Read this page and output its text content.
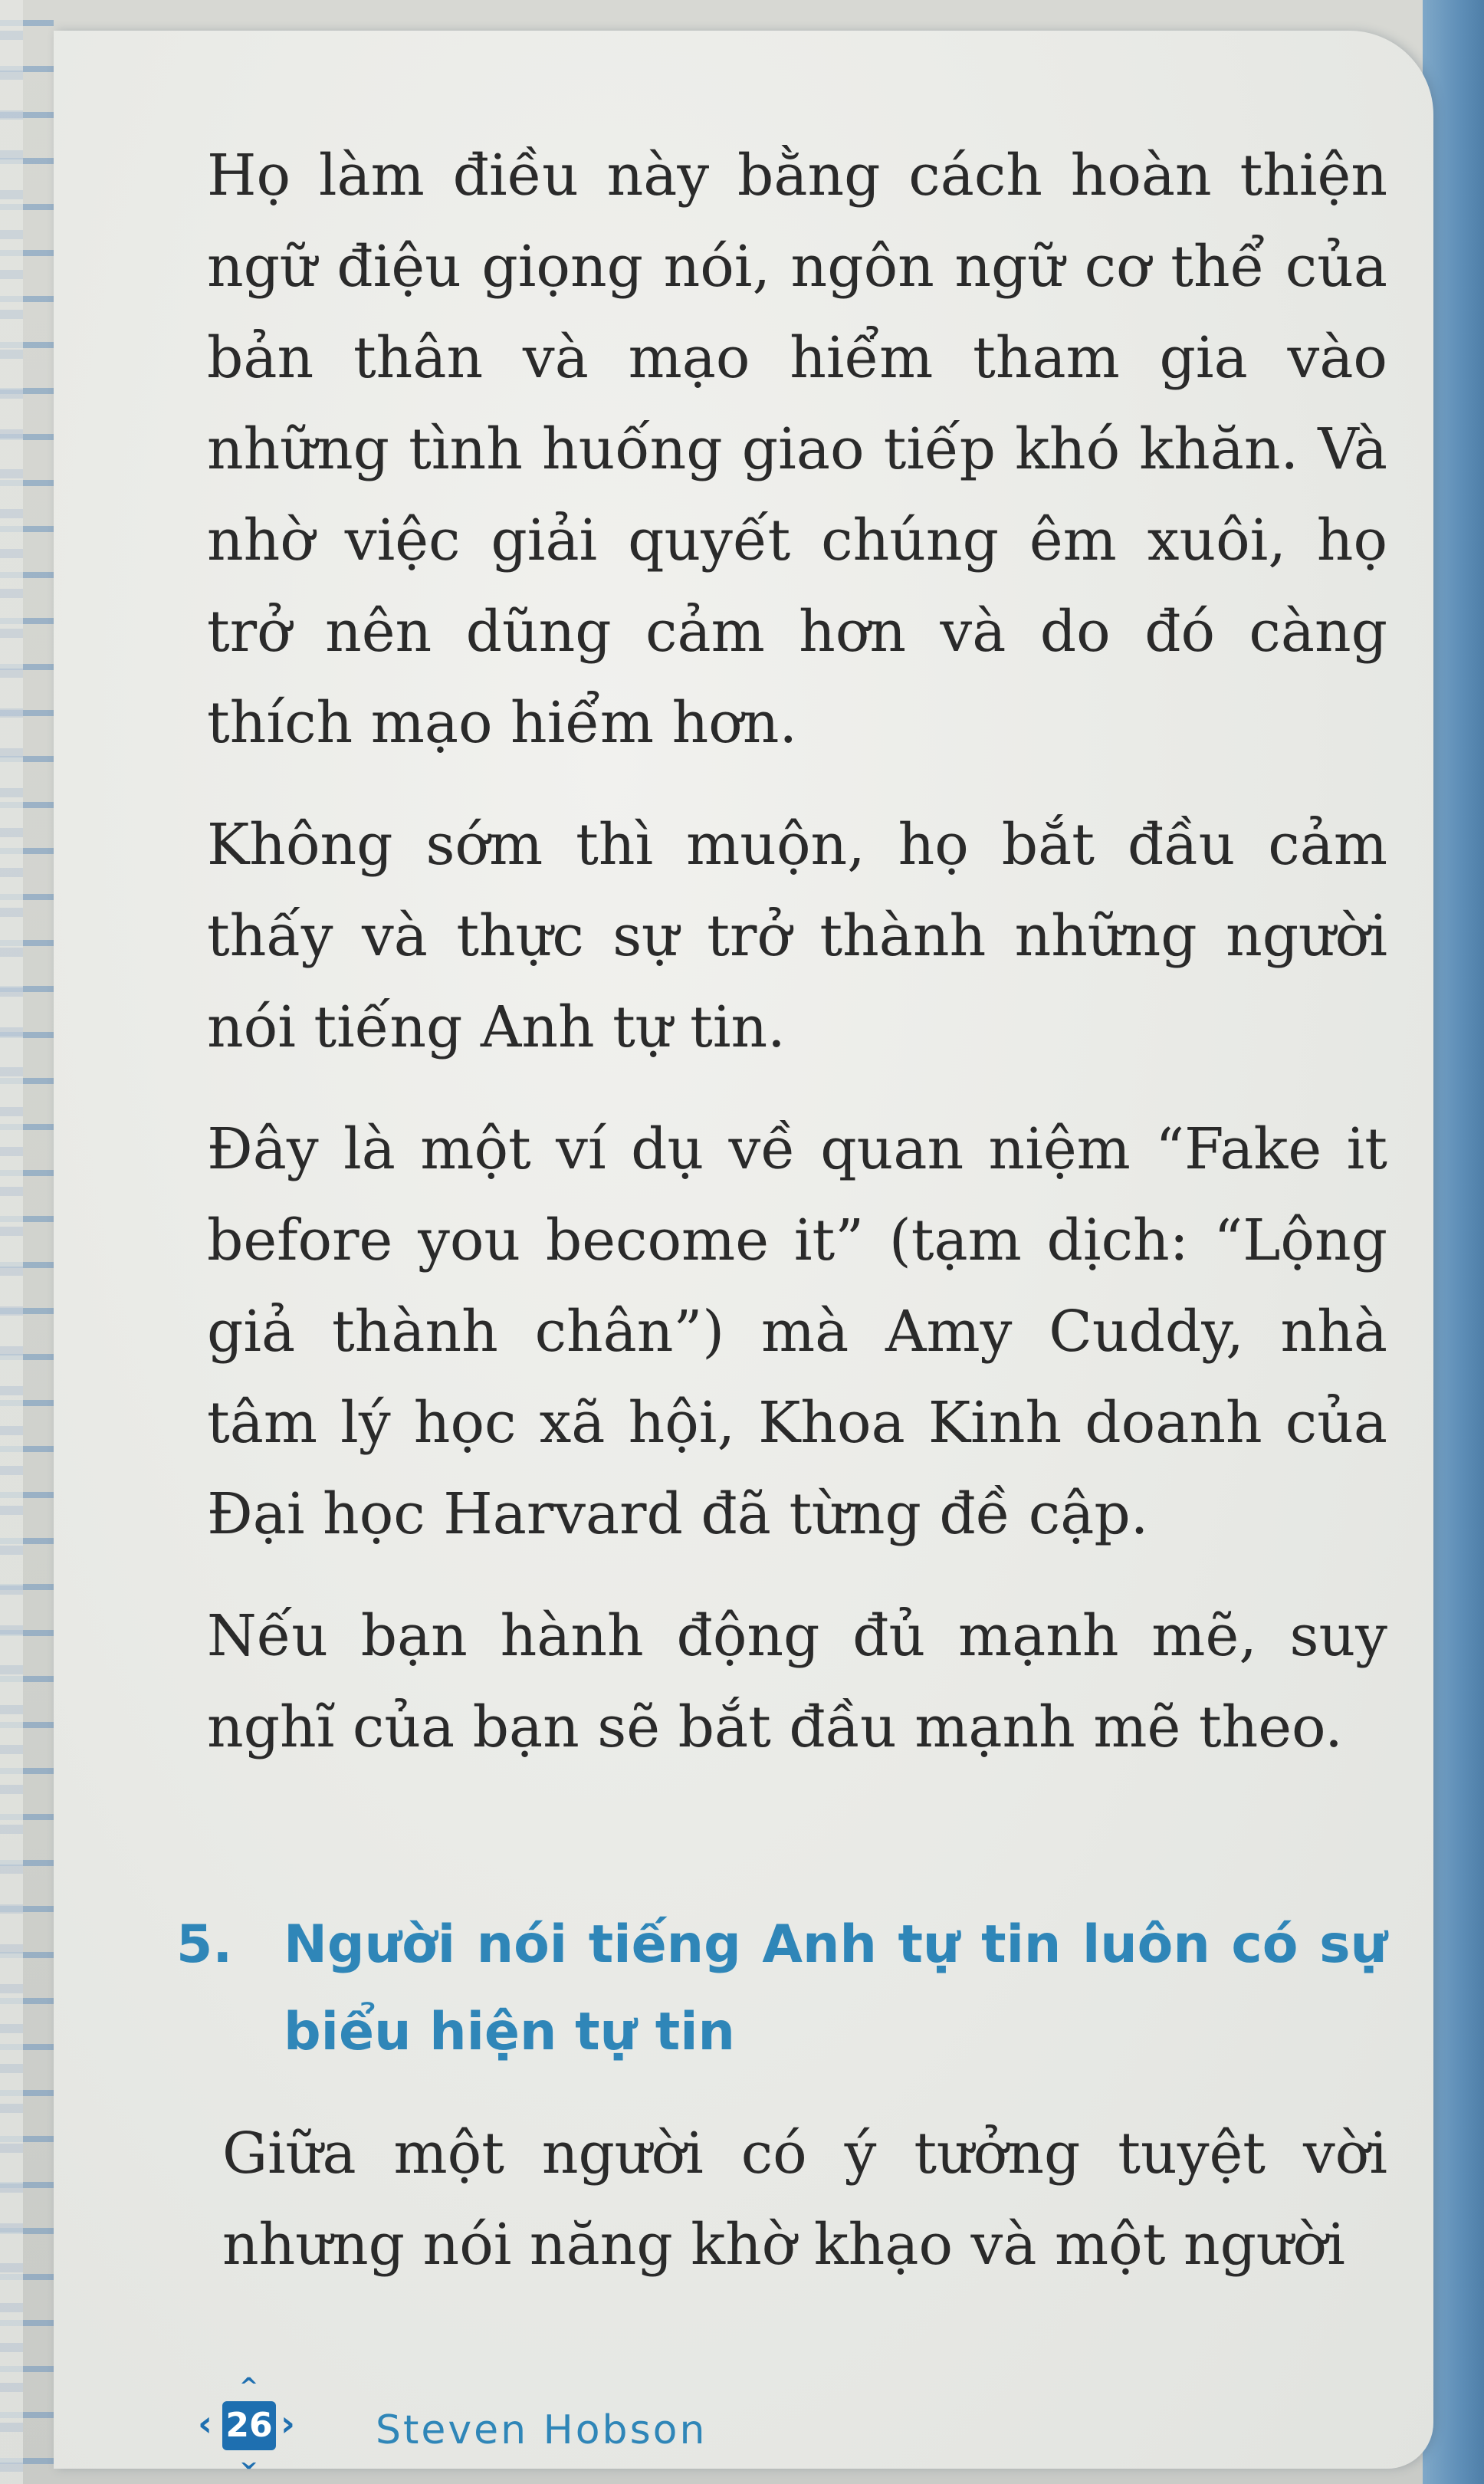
Họ làm điều này bằng cách hoàn thiện ngữ điệu giọng nói, ngôn ngữ cơ thể của bản thân và mạo hiểm tham gia vào những tình huống giao tiếp khó khăn. Và nhờ việc giải quyết chúng êm xuôi, họ trở nên dũng cảm hơn và do đó càng thích mạo hiểm hơn.

Không sớm thì muộn, họ bắt đầu cảm thấy và thực sự trở thành những người nói tiếng Anh tự tin.

Đây là một ví dụ về quan niệm “Fake it before you become it” (tạm dịch: “Lộng giả thành chân”) mà Amy Cuddy, nhà tâm lý học xã hội, Khoa Kinh doanh của Đại học Harvard đã từng đề cập.

Nếu bạn hành động đủ mạnh mẽ, suy nghĩ của bạn sẽ bắt đầu mạnh mẽ theo.

5. Người nói tiếng Anh tự tin luôn có sự biểu hiện tự tin
Giữa một người có ý tưởng tuyệt vời nhưng nói năng khờ khạo và một người
^
‹ 26 ›
^
Steven Hobson
